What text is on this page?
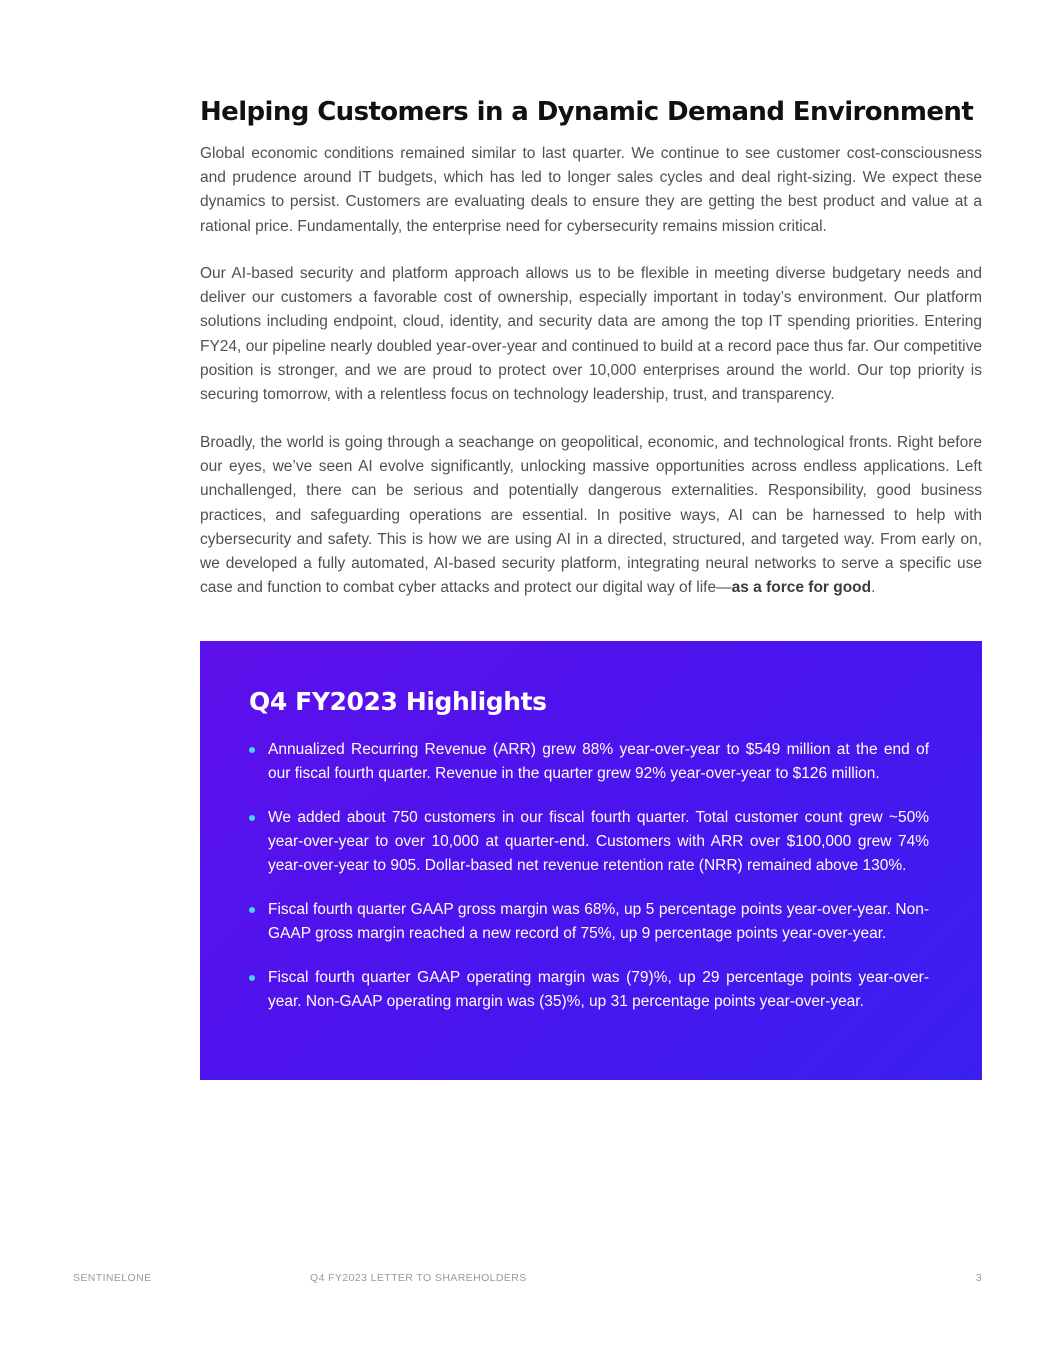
Helping Customers in a Dynamic Demand Environment

Global economic conditions remained similar to last quarter. We continue to see customer cost-consciousness and prudence around IT budgets, which has led to longer sales cycles and deal right-sizing. We expect these dynamics to persist. Customers are evaluating deals to ensure they are getting the best product and value at a rational price. Fundamentally, the enterprise need for cybersecurity remains mission critical.

Our AI-based security and platform approach allows us to be flexible in meeting diverse budgetary needs and deliver our customers a favorable cost of ownership, especially important in today’s environment. Our platform solutions including endpoint, cloud, identity, and security data are among the top IT spending priorities. Entering FY24, our pipeline nearly doubled year-over-year and continued to build at a record pace thus far. Our competitive position is stronger, and we are proud to protect over 10,000 enterprises around the world. Our top priority is securing tomorrow, with a relentless focus on technology leadership, trust, and transparency.

Broadly, the world is going through a seachange on geopolitical, economic, and technological fronts. Right before our eyes, we’ve seen AI evolve significantly, unlocking massive opportunities across endless applications. Left unchallenged, there can be serious and potentially dangerous externalities. Responsibility, good business practices, and safeguarding operations are essential. In positive ways, AI can be harnessed to help with cybersecurity and safety. This is how we are using AI in a directed, structured, and targeted way. From early on, we developed a fully automated, AI-based security platform, integrating neural networks to serve a specific use case and function to combat cyber attacks and protect our digital way of life—as a force for good.

Q4 FY2023 Highlights
Annualized Recurring Revenue (ARR) grew 88% year-over-year to $549 million at the end of our fiscal fourth quarter. Revenue in the quarter grew 92% year-over-year to $126 million.
We added about 750 customers in our fiscal fourth quarter. Total customer count grew ~50% year-over-year to over 10,000 at quarter-end. Customers with ARR over $100,000 grew 74% year-over-year to 905. Dollar-based net revenue retention rate (NRR) remained above 130%.
Fiscal fourth quarter GAAP gross margin was 68%, up 5 percentage points year-over-year. Non-GAAP gross margin reached a new record of 75%, up 9 percentage points year-over-year.
Fiscal fourth quarter GAAP operating margin was (79)%, up 29 percentage points year-over-year. Non-GAAP operating margin was (35)%, up 31 percentage points year-over-year.
SENTINELONE	Q4 FY2023 LETTER TO SHAREHOLDERS	3
